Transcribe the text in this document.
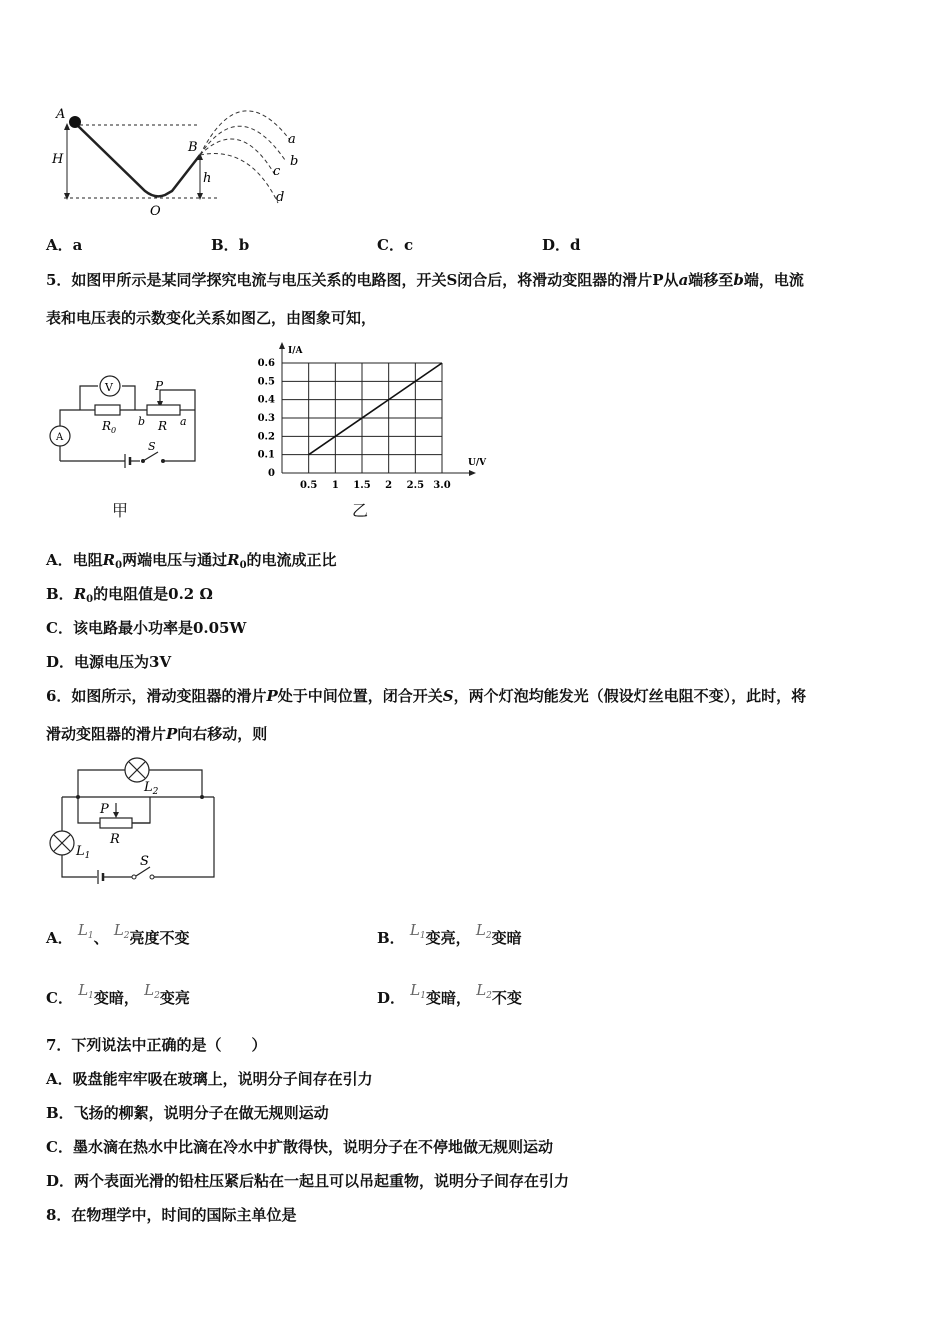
H
A
O
B
h
a
b
c
d
A．a	B．b	C．c	D．d
5．如图甲所示是某同学探究电流与电压关系的电路图，开关S闭合后，将滑动变阻器的滑片P从a端移至b端，电流
表和电压表的示数变化关系如图乙，由图象可知，
V
A
$R_0$	R
P
b	a
S
甲
I/A
U/V
0.5 1 1.5 2 2.5 3.0
0
0.1
0.2
0.3
0.4
0.5
0.6
乙
A．电阻$R_0$两端电压与通过$R_0$的电流成正比
B．$R_0$的电阻值是0.2 Ω
C．该电路最小功率是0.05W
D．电源电压为3V
6．如图所示，滑动变阻器的滑片P处于中间位置，闭合开关S，两个灯泡均能发光（假设灯丝电阻不变），此时，将
滑动变阻器的滑片P向右移动，则
$L_2$
P
R
$L_1$	S
A． $L_1$、 $L_2$亮度不变	B． $L_1$变亮， $L_2$变暗
C． $L_1$变暗， $L_2$变亮	D． $L_1$变暗， $L_2$不变
7．下列说法中正确的是（　　）
A．吸盘能牢牢吸在玻璃上，说明分子间存在引力
B．飞扬的柳絮，说明分子在做无规则运动
C．墨水滴在热水中比滴在冷水中扩散得快，说明分子在不停地做无规则运动
D．两个表面光滑的铅柱压紧后粘在一起且可以吊起重物，说明分子间存在引力
8．在物理学中，时间的国际主单位是
